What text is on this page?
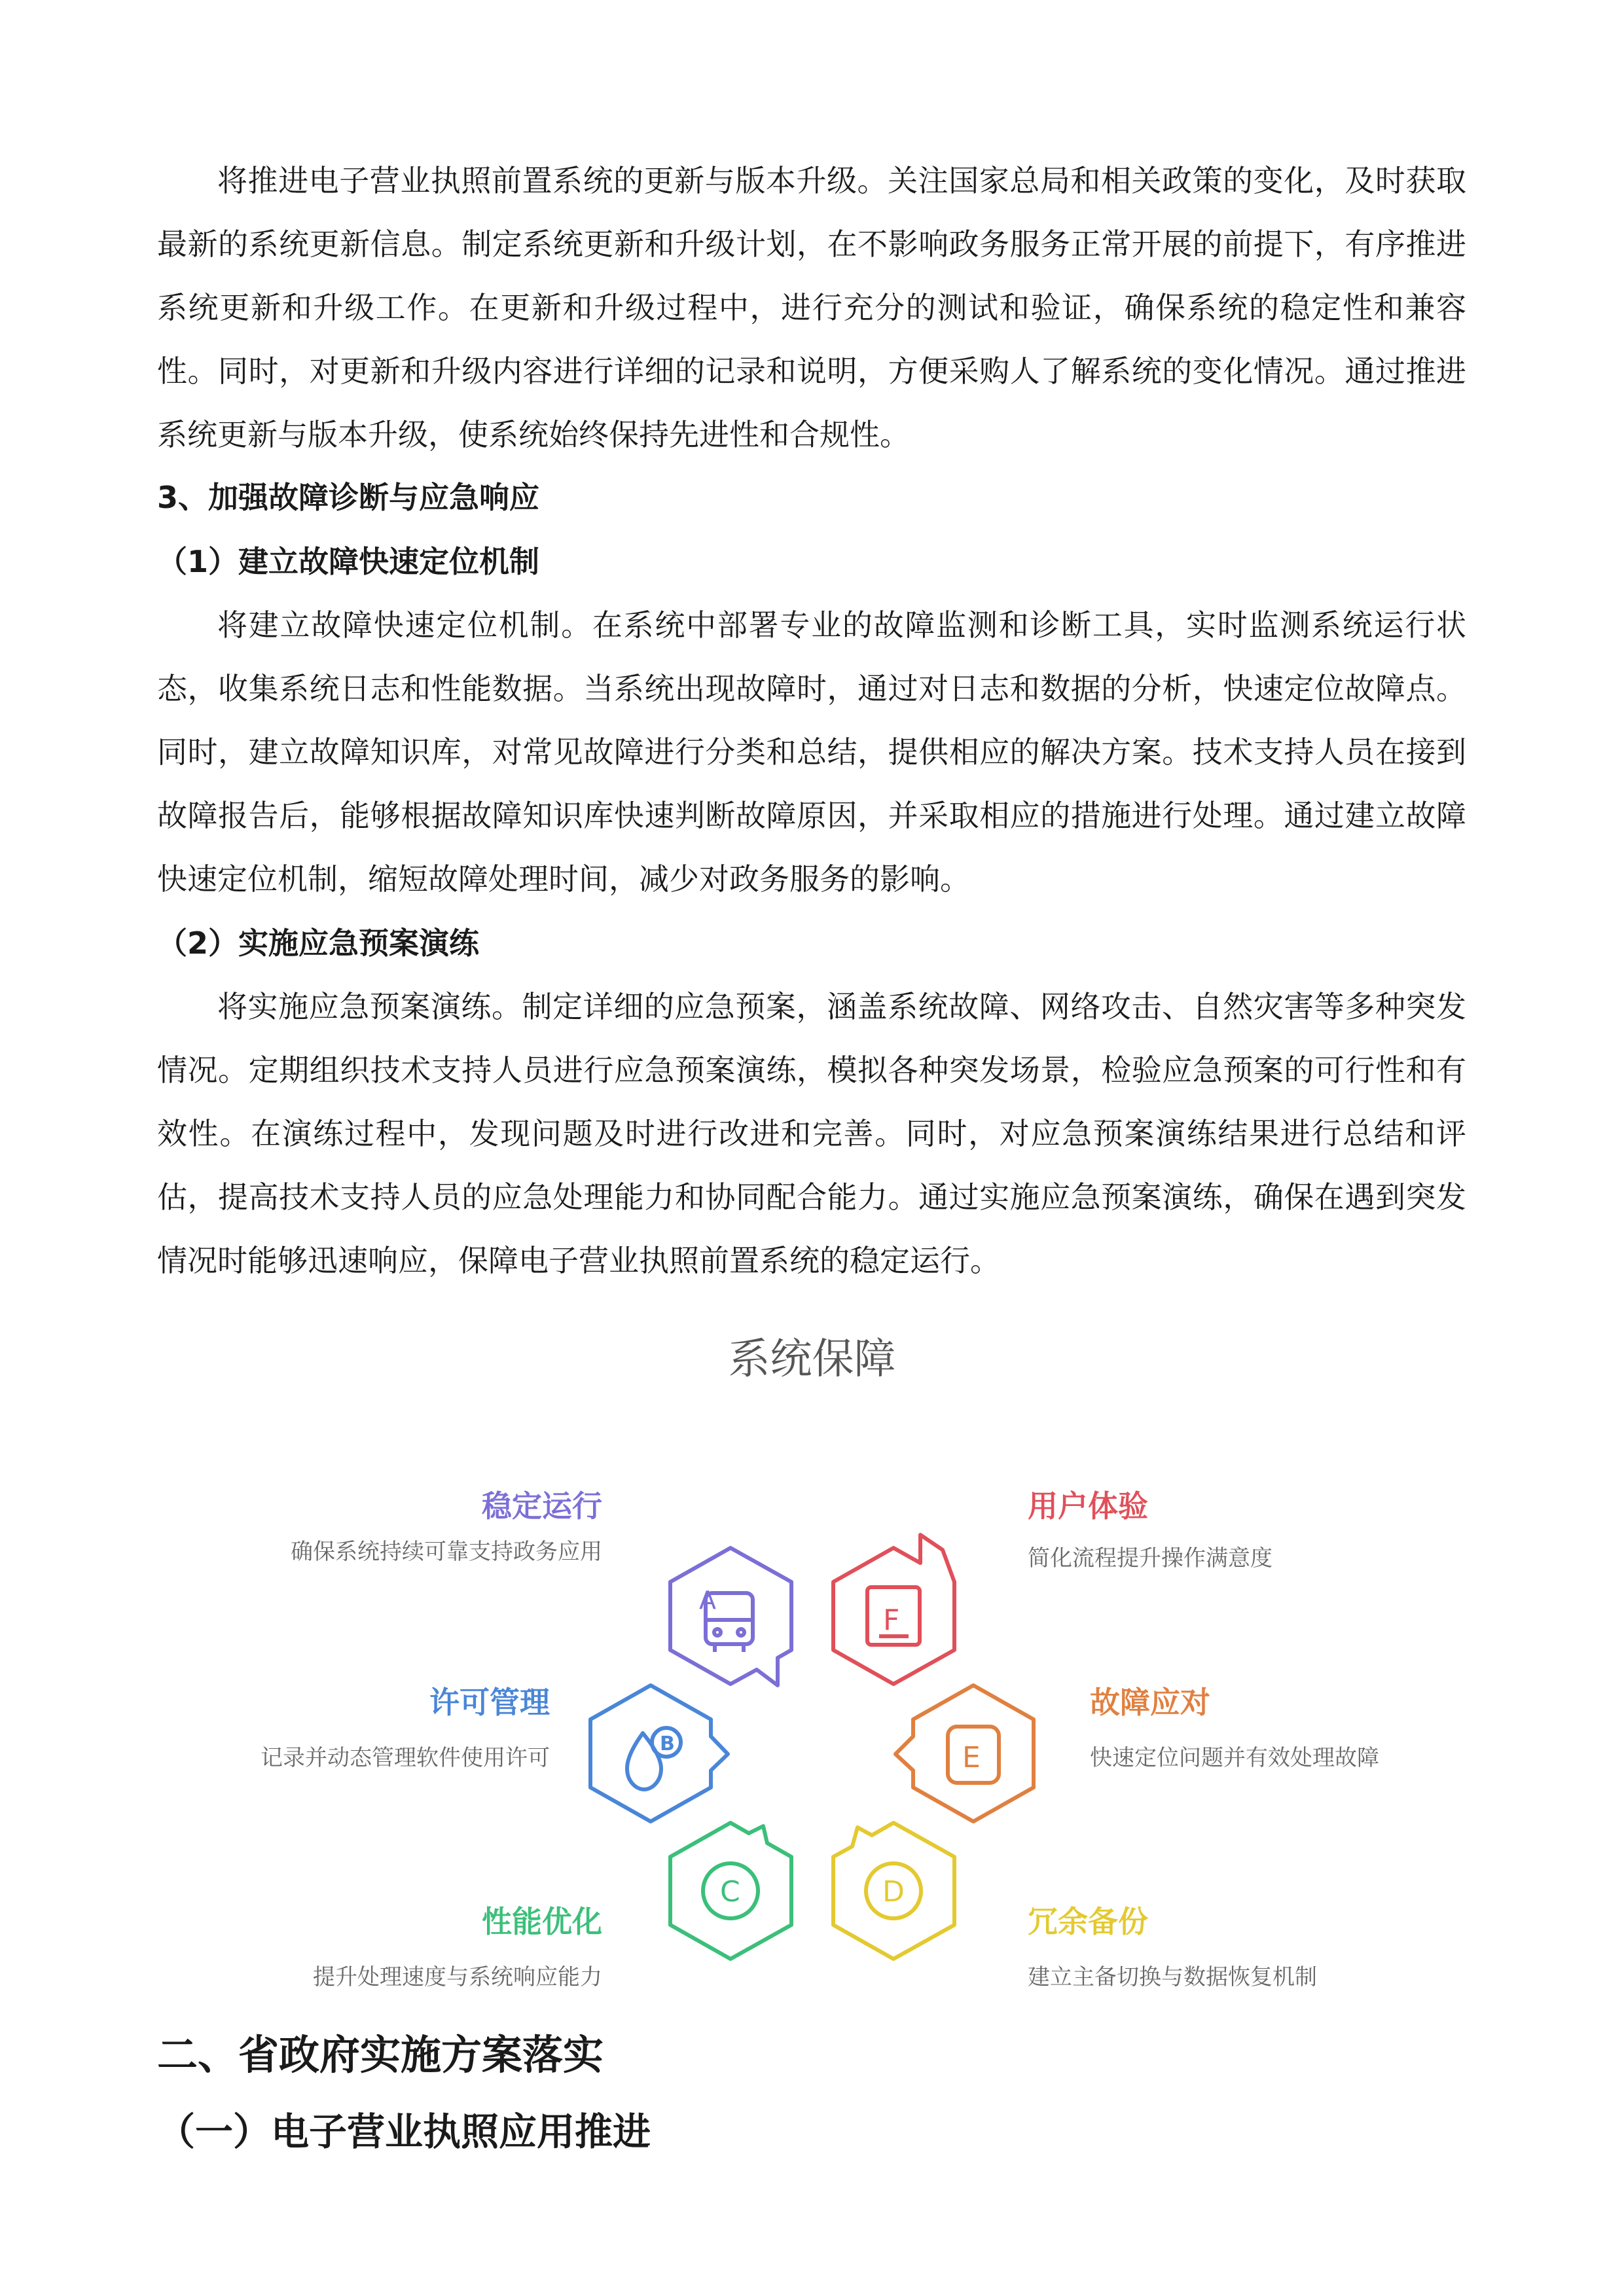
将推进电子营业执照前置系统的更新与版本升级。关注国家总局和相关政策的变化，及时获取最新的系统更新信息。制定系统更新和升级计划，在不影响政务服务正常开展的前提下，有序推进系统更新和升级工作。在更新和升级过程中，进行充分的测试和验证，确保系统的稳定性和兼容性。同时，对更新和升级内容进行详细的记录和说明，方便采购人了解系统的变化情况。通过推进系统更新与版本升级，使系统始终保持先进性和合规性。

3、加强故障诊断与应急响应

（1）建立故障快速定位机制

将建立故障快速定位机制。在系统中部署专业的故障监测和诊断工具，实时监测系统运行状态，收集系统日志和性能数据。当系统出现故障时，通过对日志和数据的分析，快速定位故障点。同时，建立故障知识库，对常见故障进行分类和总结，提供相应的解决方案。技术支持人员在接到故障报告后，能够根据故障知识库快速判断故障原因，并采取相应的措施进行处理。通过建立故障快速定位机制，缩短故障处理时间，减少对政务服务的影响。

（2）实施应急预案演练

将实施应急预案演练。制定详细的应急预案，涵盖系统故障、网络攻击、自然灾害等多种突发情况。定期组织技术支持人员进行应急预案演练，模拟各种突发场景，检验应急预案的可行性和有效性。在演练过程中，发现问题及时进行改进和完善。同时，对应急预案演练结果进行总结和评估，提高技术支持人员的应急处理能力和协同配合能力。通过实施应急预案演练，确保在遇到突发情况时能够迅速响应，保障电子营业执照前置系统的稳定运行。

系统保障

稳定运行

确保系统持续可靠支持政务应用

用户体验

简化流程提升操作满意度

许可管理

记录并动态管理软件使用许可

故障应对

快速定位问题并有效处理故障

性能优化

提升处理速度与系统响应能力

冗余备份

建立主备切换与数据恢复机制

A
F
B	E
C	D

二、省政府实施方案落实

（一）电子营业执照应用推进
